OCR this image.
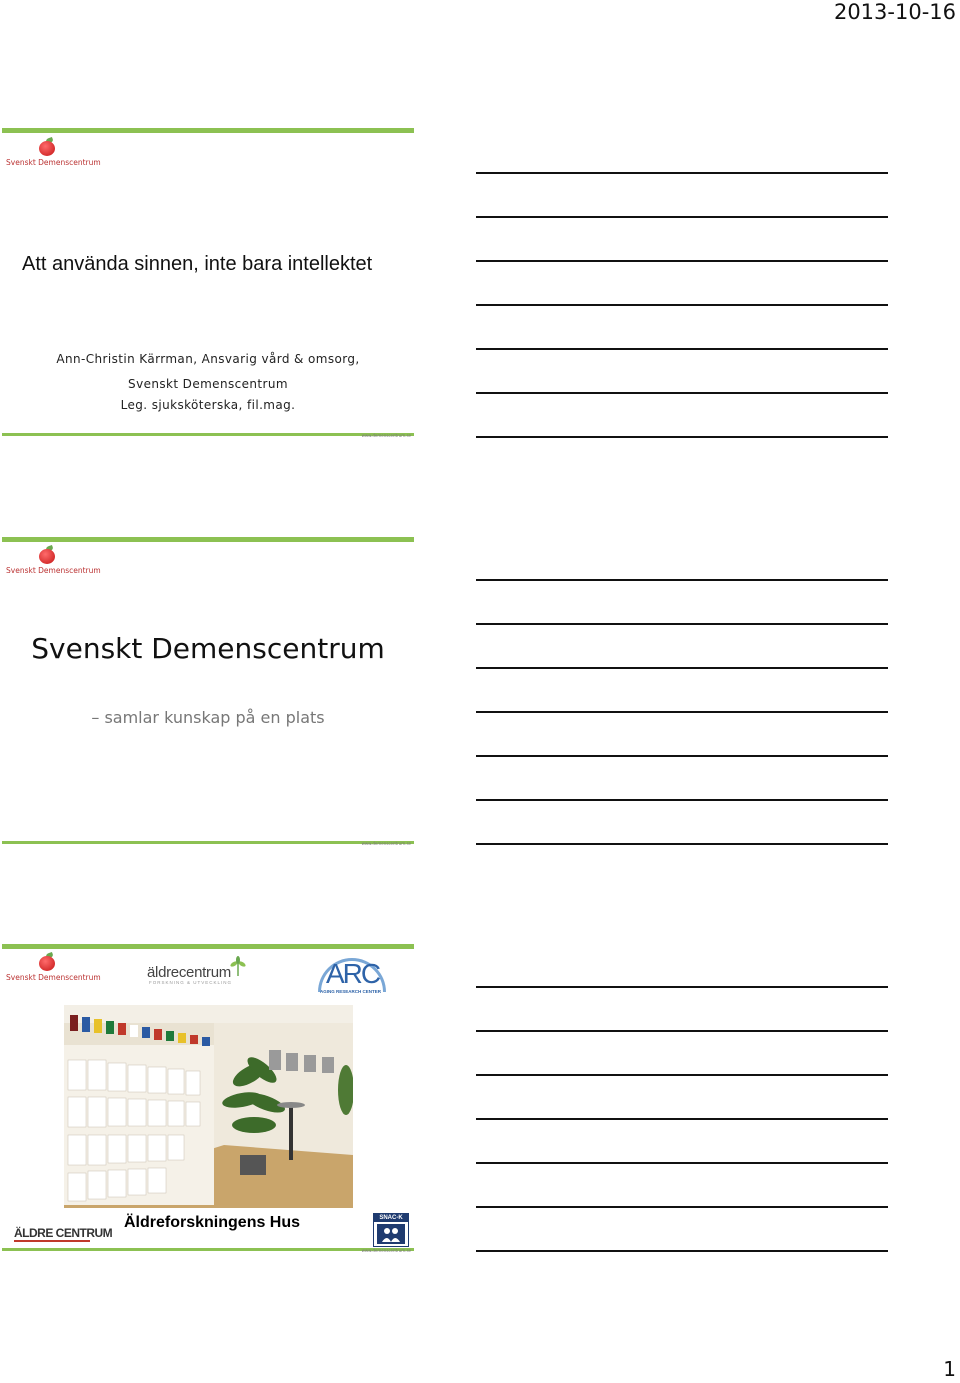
2013-10-16
Svenskt Demenscentrum
Att använda sinnen, inte bara intellektet
Ann-Christin Kärrman, Ansvarig vård & omsorg,
Svenskt Demenscentrum
Leg. sjuksköterska, fil.mag.
www.demenscentrum.se
Svenskt Demenscentrum
Svenskt Demenscentrum
– samlar kunskap på en plats
www.demenscentrum.se
Svenskt Demenscentrum	äldrecentrum
FORSKNING & UTVECKLING	ARC
AGING RESEARCH CENTER
Äldreforskningens Hus
ÄLDRE CENTRUM
SNAC-K
www.demenscentrum.se
1
